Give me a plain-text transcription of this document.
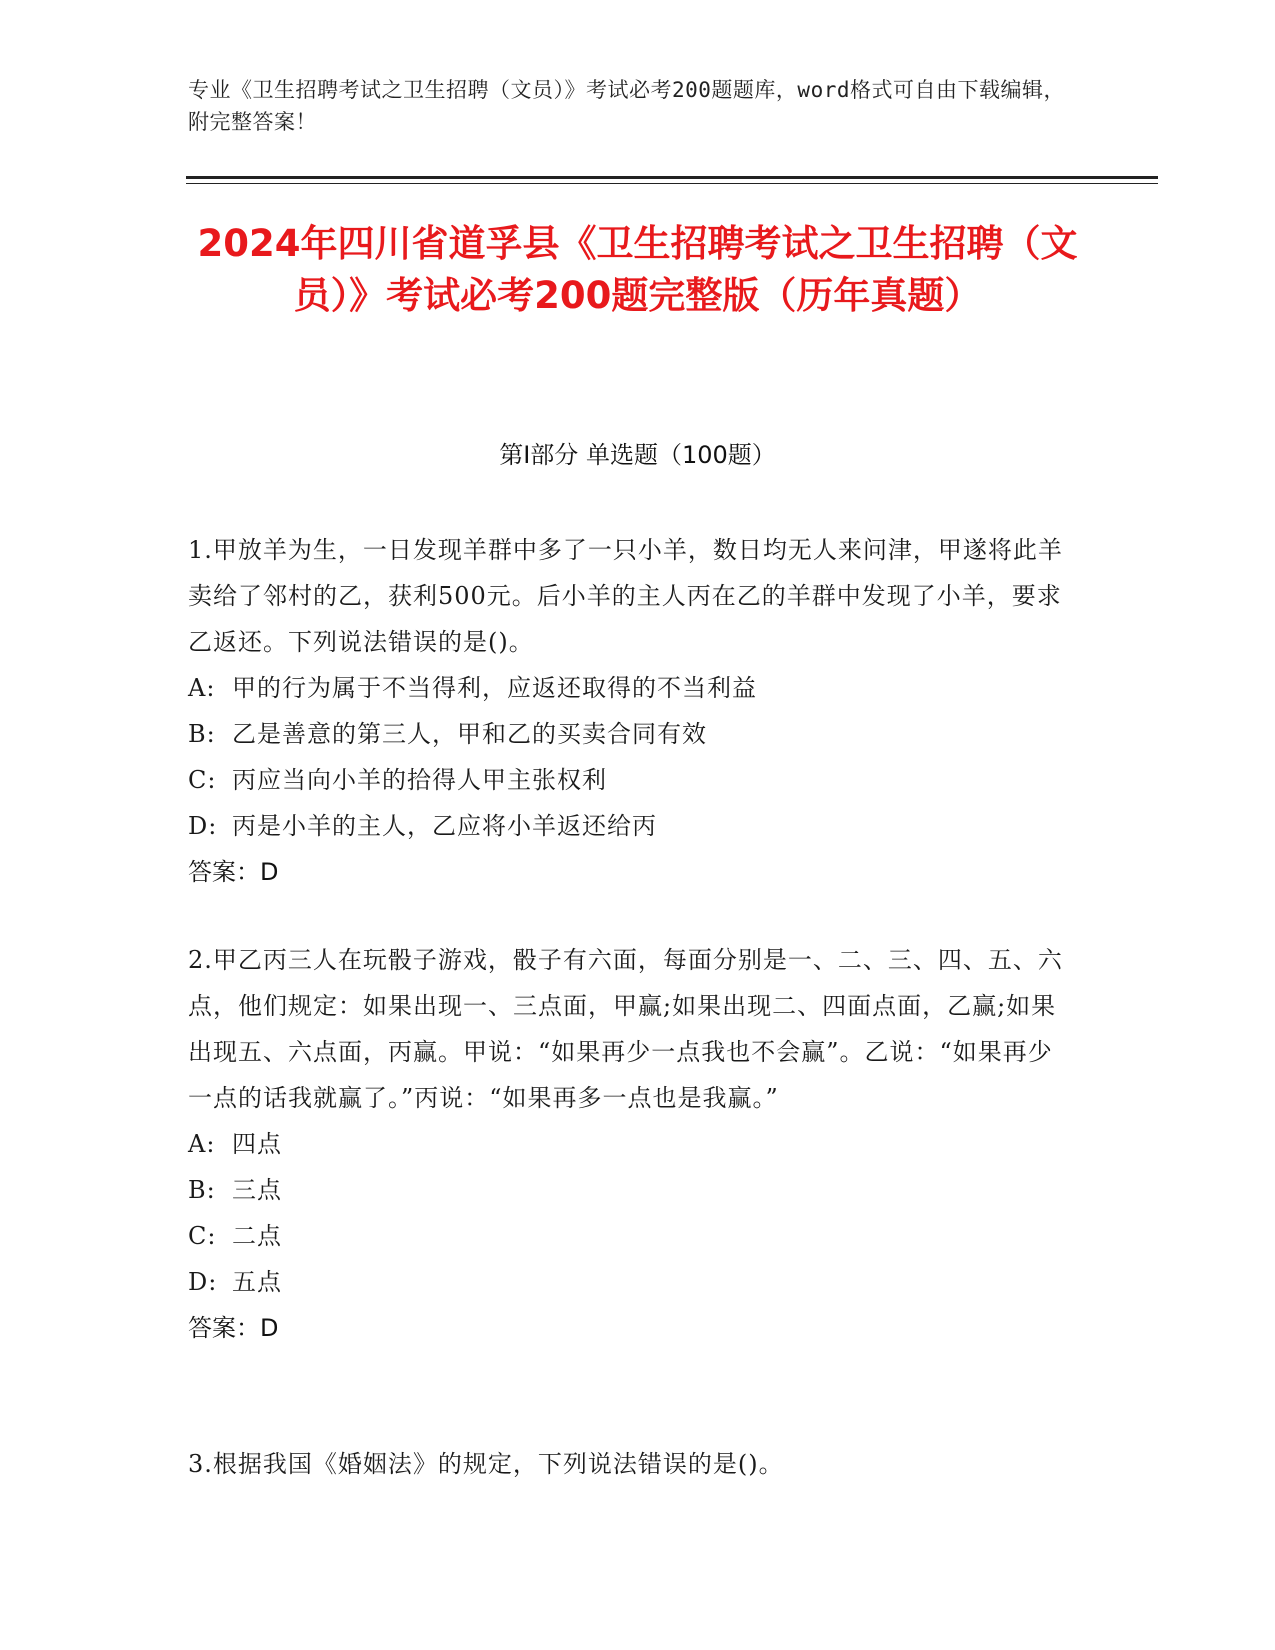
专业《卫生招聘考试之卫生招聘（文员）》考试必考200题题库，word格式可自由下载编辑，附完整答案！
2024年四川省道孚县《卫生招聘考试之卫生招聘（文员）》考试必考200题完整版（历年真题）
第Ⅰ部分 单选题（100题）

1.甲放羊为生，一日发现羊群中多了一只小羊，数日均无人来问津，甲遂将此羊卖给了邻村的乙，获利500元。后小羊的主人丙在乙的羊群中发现了小羊，要求乙返还。下列说法错误的是()。

A: 甲的行为属于不当得利，应返还取得的不当利益

B: 乙是善意的第三人，甲和乙的买卖合同有效

C: 丙应当向小羊的拾得人甲主张权利

D: 丙是小羊的主人，乙应将小羊返还给丙

答案：D

2.甲乙丙三人在玩骰子游戏，骰子有六面，每面分别是一、二、三、四、五、六点，他们规定：如果出现一、三点面，甲赢;如果出现二、四面点面，乙赢;如果出现五、六点面，丙赢。甲说：“如果再少一点我也不会赢”。乙说：“如果再少一点的话我就赢了。”丙说：“如果再多一点也是我赢。”

A: 四点

B: 三点

C: 二点

D: 五点

答案：D

3.根据我国《婚姻法》的规定，下列说法错误的是()。
